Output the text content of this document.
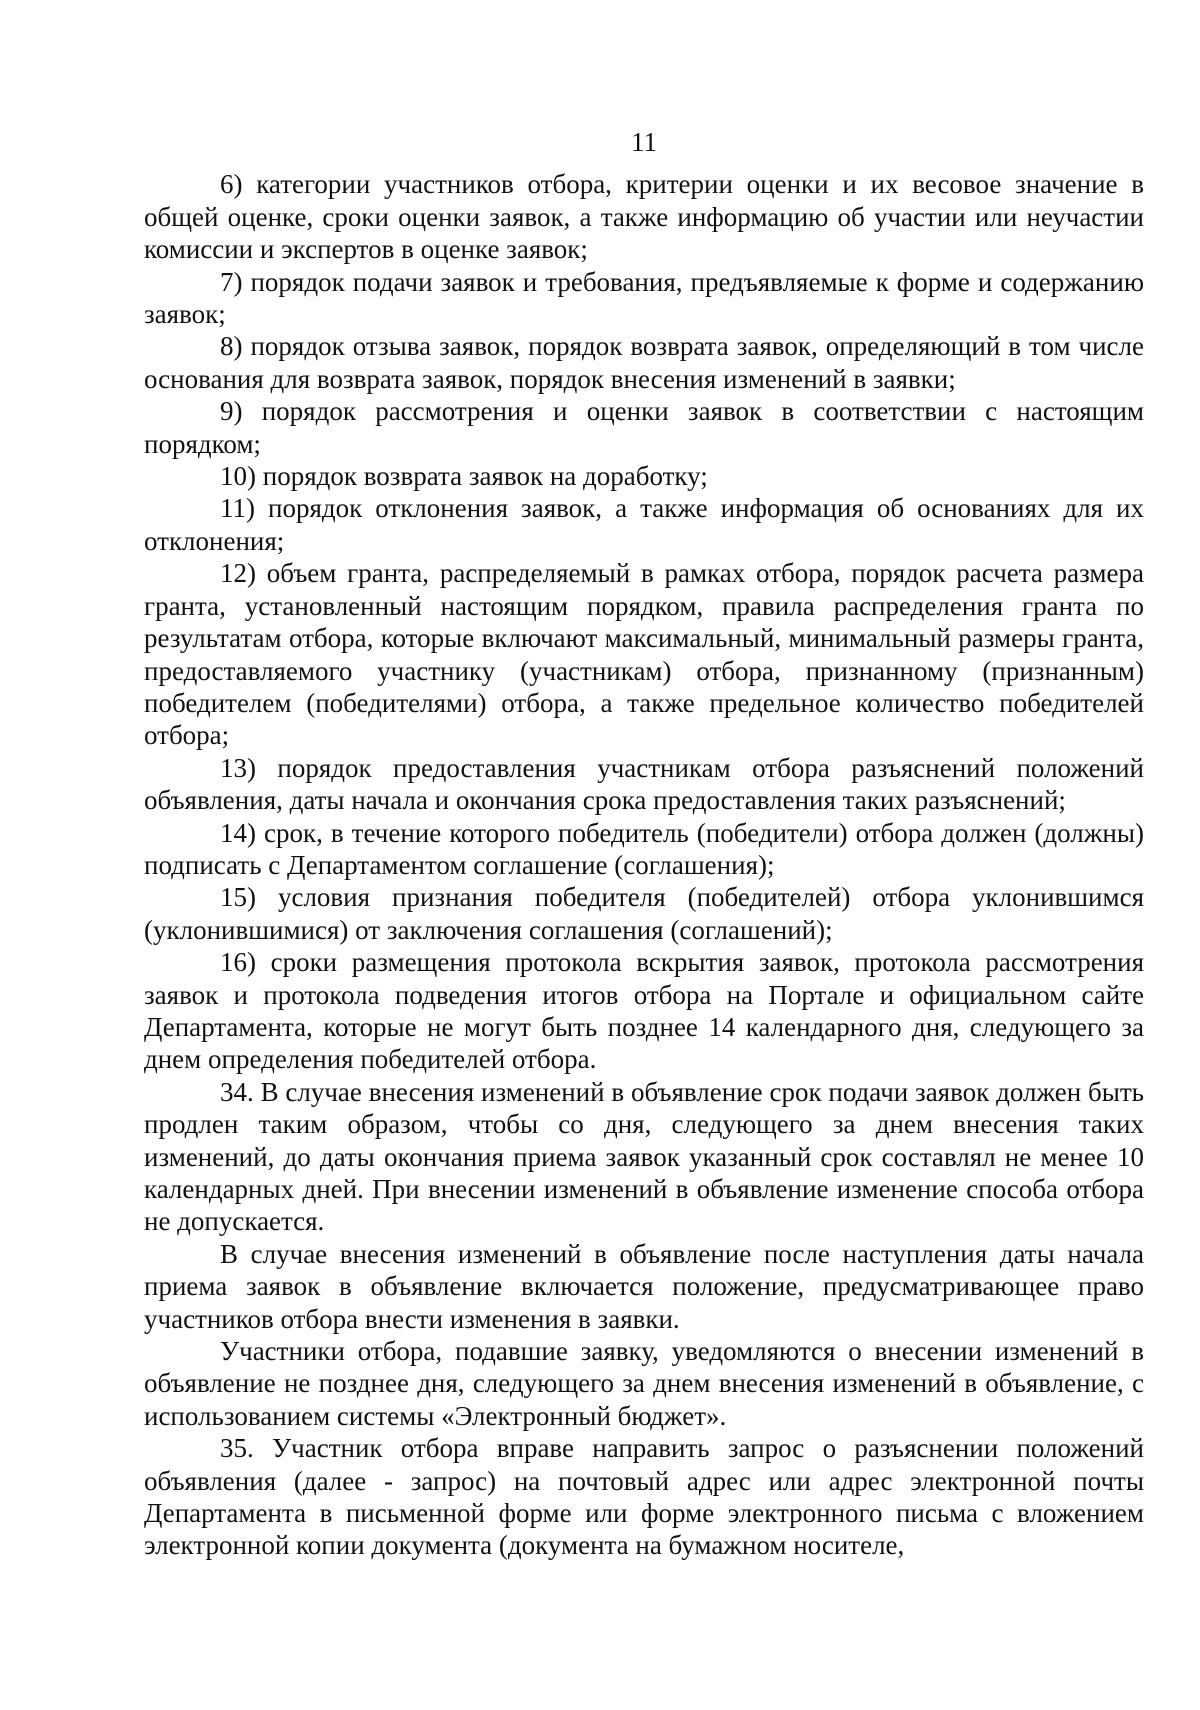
11

6) категории участников отбора, критерии оценки и их весовое значение в общей оценке, сроки оценки заявок, а также информацию об участии или неучастии комиссии и экспертов в оценке заявок;

7) порядок подачи заявок и требования, предъявляемые к форме и содержанию заявок;

8) порядок отзыва заявок, порядок возврата заявок, определяющий в том числе основания для возврата заявок, порядок внесения изменений в заявки;

9) порядок рассмотрения и оценки заявок в соответствии с настоящим порядком;

10) порядок возврата заявок на доработку;

11) порядок отклонения заявок, а также информация об основаниях для их отклонения;

12) объем гранта, распределяемый в рамках отбора, порядок расчета размера гранта, установленный настоящим порядком, правила распределения гранта по результатам отбора, которые включают максимальный, минимальный размеры гранта, предоставляемого участнику (участникам) отбора, признанному (признанным) победителем (победителями) отбора, а также предельное количество победителей отбора;

13) порядок предоставления участникам отбора разъяснений положений объявления, даты начала и окончания срока предоставления таких разъяснений;

14) срок, в течение которого победитель (победители) отбора должен (должны) подписать с Департаментом соглашение (соглашения);

15) условия признания победителя (победителей) отбора уклонившимся (уклонившимися) от заключения соглашения (соглашений);

16) сроки размещения протокола вскрытия заявок, протокола рассмотрения заявок и протокола подведения итогов отбора на Портале и официальном сайте Департамента, которые не могут быть позднее 14 календарного дня, следующего за днем определения победителей отбора.

34. В случае внесения изменений в объявление срок подачи заявок должен быть продлен таким образом, чтобы со дня, следующего за днем внесения таких изменений, до даты окончания приема заявок указанный срок составлял не менее 10 календарных дней. При внесении изменений в объявление изменение способа отбора не допускается.

В случае внесения изменений в объявление после наступления даты начала приема заявок в объявление включается положение, предусматривающее право участников отбора внести изменения в заявки.

Участники отбора, подавшие заявку, уведомляются о внесении изменений в объявление не позднее дня, следующего за днем внесения изменений в объявление, с использованием системы «Электронный бюджет».

35. Участник отбора вправе направить запрос о разъяснении положений объявления (далее - запрос) на почтовый адрес или адрес электронной почты Департамента в письменной форме или форме электронного письма с вложением электронной копии документа (документа на бумажном носителе,
